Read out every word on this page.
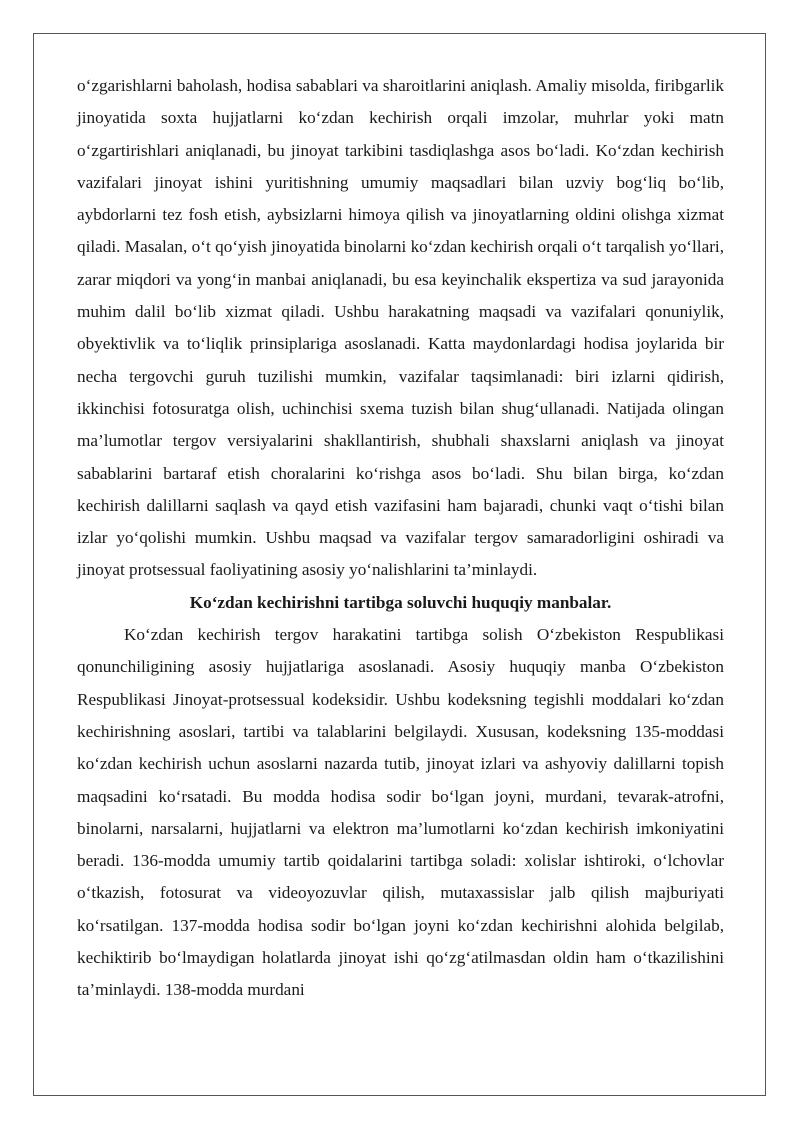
o‘zgarishlarni baholash, hodisa sabablari va sharoitlarini aniqlash. Amaliy misolda, firibgarlik jinoyatida soxta hujjatlarni ko‘zdan kechirish orqali imzolar, muhrlar yoki matn o‘zgartirishlari aniqlanadi, bu jinoyat tarkibini tasdiqlashga asos bo‘ladi. Ko‘zdan kechirish vazifalari jinoyat ishini yuritishning umumiy maqsadlari bilan uzviy bog‘liq bo‘lib, aybdorlarni tez fosh etish, aybsizlarni himoya qilish va jinoyatlarning oldini olishga xizmat qiladi. Masalan, o‘t qo‘yish jinoyatida binolarni ko‘zdan kechirish orqali o‘t tarqalish yo‘llari, zarar miqdori va yong‘in manbai aniqlanadi, bu esa keyinchalik ekspertiza va sud jarayonida muhim dalil bo‘lib xizmat qiladi. Ushbu harakatning maqsadi va vazifalari qonuniylik, obyektivlik va to‘liqlik prinsiplariga asoslanadi. Katta maydonlardagi hodisa joylarida bir necha tergovchi guruh tuzilishi mumkin, vazifalar taqsimlanadi: biri izlarni qidirish, ikkinchisi fotosuratga olish, uchinchisi sxema tuzish bilan shug‘ullanadi. Natijada olingan ma’lumotlar tergov versiyalarini shakllantirish, shubhali shaxslarni aniqlash va jinoyat sabablarini bartaraf etish choralarini ko‘rishga asos bo‘ladi. Shu bilan birga, ko‘zdan kechirish dalillarni saqlash va qayd etish vazifasini ham bajaradi, chunki vaqt o‘tishi bilan izlar yo‘qolishi mumkin. Ushbu maqsad va vazifalar tergov samaradorligini oshiradi va jinoyat protsessual faoliyatining asosiy yo‘nalishlarini ta’minlaydi.

Ko‘zdan kechirishni tartibga soluvchi huquqiy manbalar.

Ko‘zdan kechirish tergov harakatini tartibga solish O‘zbekiston Respublikasi qonunchiligining asosiy hujjatlariga asoslanadi. Asosiy huquqiy manba O‘zbekiston Respublikasi Jinoyat-protsessual kodeksidir. Ushbu kodeksning tegishli moddalari ko‘zdan kechirishning asoslari, tartibi va talablarini belgilaydi. Xususan, kodeksning 135-moddasi ko‘zdan kechirish uchun asoslarni nazarda tutib, jinoyat izlari va ashyoviy dalillarni topish maqsadini ko‘rsatadi. Bu modda hodisa sodir bo‘lgan joyni, murdani, tevarak-atrofni, binolarni, narsalarni, hujjatlarni va elektron ma’lumotlarni ko‘zdan kechirish imkoniyatini beradi. 136-modda umumiy tartib qoidalarini tartibga soladi: xolislar ishtiroki, o‘lchovlar o‘tkazish, fotosurat va videoyozuvlar qilish, mutaxassislar jalb qilish majburiyati ko‘rsatilgan. 137-modda hodisa sodir bo‘lgan joyni ko‘zdan kechirishni alohida belgilab, kechiktirib bo‘lmaydigan holatlarda jinoyat ishi qo‘zg‘atilmasdan oldin ham o‘tkazilishini ta’minlaydi. 138-modda murdani
